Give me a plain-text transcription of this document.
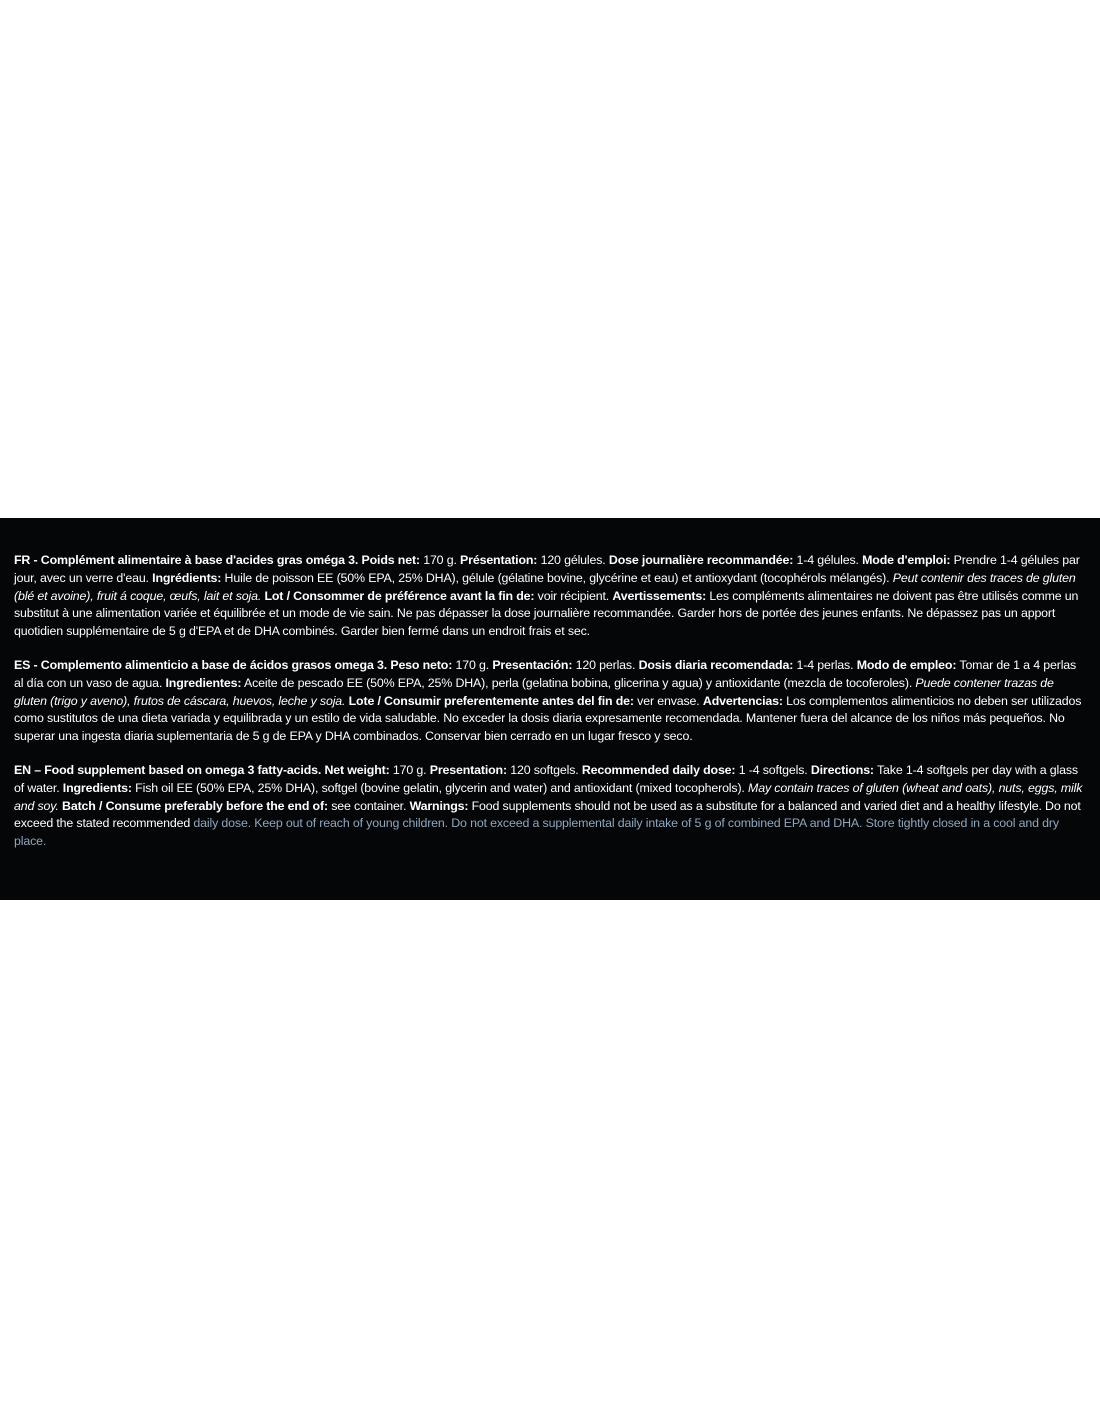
FR - Complément alimentaire à base d'acides gras oméga 3. Poids net: 170 g. Présentation: 120 gélules. Dose journalière recommandée: 1-4 gélules. Mode d'emploi: Prendre 1-4 gélules par jour, avec un verre d'eau. Ingrédients: Huile de poisson EE (50% EPA, 25% DHA), gélule (gélatine bovine, glycérine et eau) et antioxydant (tocophérols mélangés). Peut contenir des traces de gluten (blé et avoine), fruit á coque, œufs, lait et soja. Lot / Consommer de préférence avant la fin de: voir récipient. Avertissements: Les compléments alimentaires ne doivent pas être utilisés comme un substitut à une alimentation variée et équilibrée et un mode de vie sain. Ne pas dépasser la dose journalière recommandée. Garder hors de portée des jeunes enfants. Ne dépassez pas un apport quotidien supplémentaire de 5 g d'EPA et de DHA combinés. Garder bien fermé dans un endroit frais et sec.

ES - Complemento alimenticio a base de ácidos grasos omega 3. Peso neto: 170 g. Presentación: 120 perlas. Dosis diaria recomendada: 1-4 perlas. Modo de empleo: Tomar de 1 a 4 perlas al día con un vaso de agua. Ingredientes: Aceite de pescado EE (50% EPA, 25% DHA), perla (gelatina bobina, glicerina y agua) y antioxidante (mezcla de tocoferoles). Puede contener trazas de gluten (trigo y aveno), frutos de cáscara, huevos, leche y soja. Lote / Consumir preferentemente antes del fin de: ver envase. Advertencias: Los complementos alimenticios no deben ser utilizados como sustitutos de una dieta variada y equilibrada y un estilo de vida saludable. No exceder la dosis diaria expresamente recomendada. Mantener fuera del alcance de los niños más pequeños. No superar una ingesta diaria suplementaria de 5 g de EPA y DHA combinados. Conservar bien cerrado en un lugar fresco y seco.

EN – Food supplement based on omega 3 fatty-acids. Net weight: 170 g. Presentation: 120 softgels. Recommended daily dose: 1 -4 softgels. Directions: Take 1-4 softgels per day with a glass of water. Ingredients: Fish oil EE (50% EPA, 25% DHA), softgel (bovine gelatin, glycerin and water) and antioxidant (mixed tocopherols). May contain traces of gluten (wheat and oats), nuts, eggs, milk and soy. Batch / Consume preferably before the end of: see container. Warnings: Food supplements should not be used as a substitute for a balanced and varied diet and a healthy lifestyle. Do not exceed the stated recommended daily dose. Keep out of reach of young children. Do not exceed a supplemental daily intake of 5 g of combined EPA and DHA. Store tightly closed in a cool and dry place.
